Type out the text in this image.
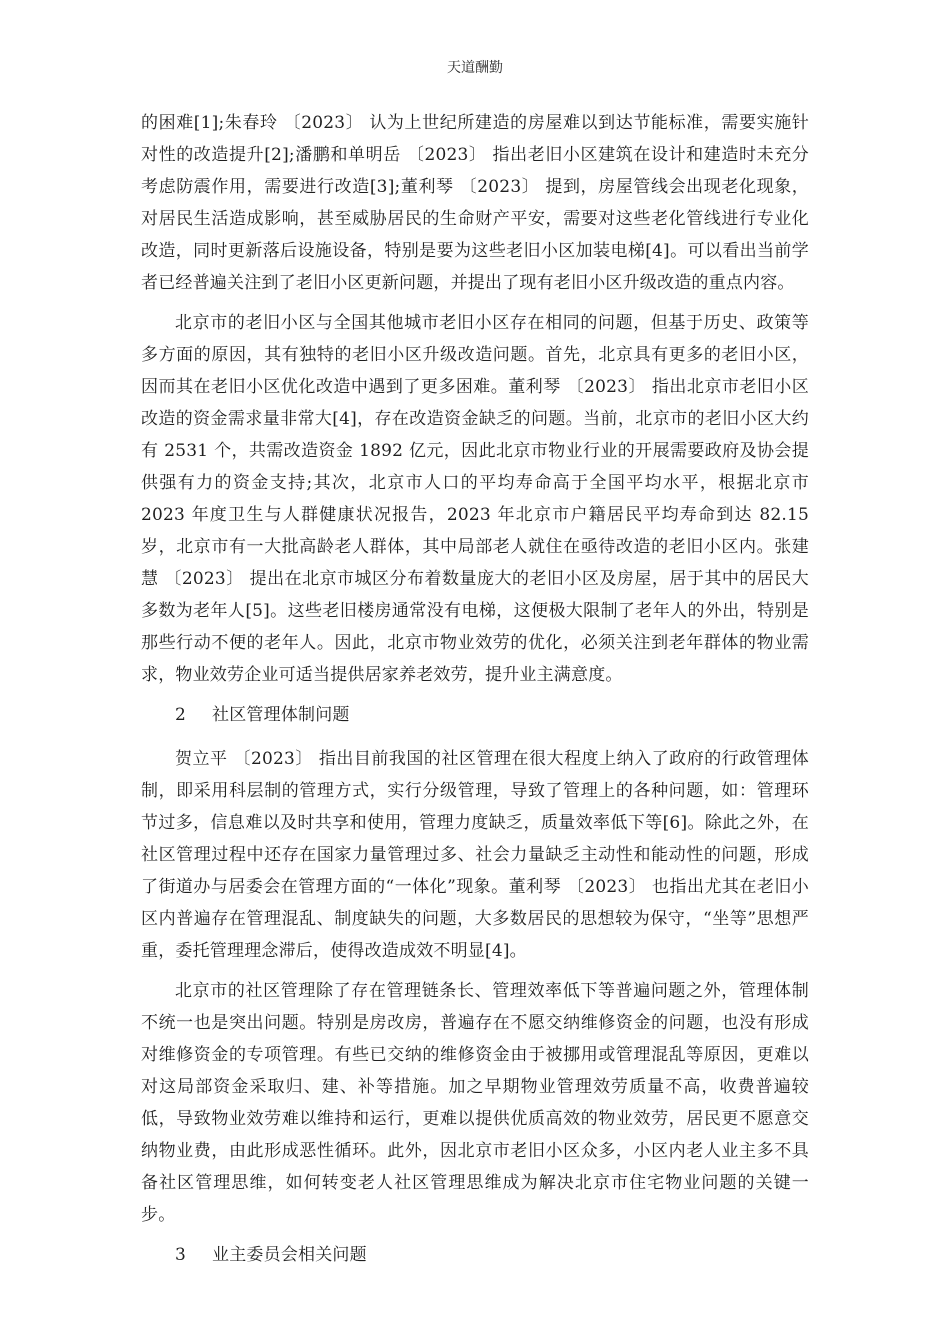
天道酬勤

的困难[1];朱春玲 〔2023〕 认为上世纪所建造的房屋难以到达节能标准，需要实施针对性的改造提升[2];潘鹏和单明岳 〔2023〕 指出老旧小区建筑在设计和建造时未充分考虑防震作用，需要进行改造[3];董利琴 〔2023〕 提到，房屋管线会出现老化现象，对居民生活造成影响，甚至威胁居民的生命财产平安，需要对这些老化管线进行专业化改造，同时更新落后设施设备，特别是要为这些老旧小区加装电梯[4]。可以看出当前学者已经普遍关注到了老旧小区更新问题，并提出了现有老旧小区升级改造的重点内容。

北京市的老旧小区与全国其他城市老旧小区存在相同的问题，但基于历史、政策等多方面的原因，其有独特的老旧小区升级改造问题。首先，北京具有更多的老旧小区，因而其在老旧小区优化改造中遇到了更多困难。董利琴 〔2023〕 指出北京市老旧小区改造的资金需求量非常大[4]，存在改造资金缺乏的问题。当前，北京市的老旧小区大约有 2531 个，共需改造资金 1892 亿元，因此北京市物业行业的开展需要政府及协会提供强有力的资金支持;其次，北京市人口的平均寿命高于全国平均水平，根据北京市 2023 年度卫生与人群健康状况报告，2023 年北京市户籍居民平均寿命到达 82.15 岁，北京市有一大批高龄老人群体，其中局部老人就住在亟待改造的老旧小区内。张建慧 〔2023〕 提出在北京市城区分布着数量庞大的老旧小区及房屋，居于其中的居民大多数为老年人[5]。这些老旧楼房通常没有电梯，这便极大限制了老年人的外出，特别是那些行动不便的老年人。因此，北京市物业效劳的优化，必须关注到老年群体的物业需求，物业效劳企业可适当提供居家养老效劳，提升业主满意度。

2 社区管理体制问题

贺立平 〔2023〕 指出目前我国的社区管理在很大程度上纳入了政府的行政管理体制，即采用科层制的管理方式，实行分级管理，导致了管理上的各种问题，如：管理环节过多，信息难以及时共享和使用，管理力度缺乏，质量效率低下等[6]。除此之外，在社区管理过程中还存在国家力量管理过多、社会力量缺乏主动性和能动性的问题，形成了街道办与居委会在管理方面的“一体化”现象。董利琴 〔2023〕 也指出尤其在老旧小区内普遍存在管理混乱、制度缺失的问题，大多数居民的思想较为保守，“坐等”思想严重，委托管理理念滞后，使得改造成效不明显[4]。

北京市的社区管理除了存在管理链条长、管理效率低下等普遍问题之外，管理体制不统一也是突出问题。特别是房改房，普遍存在不愿交纳维修资金的问题，也没有形成对维修资金的专项管理。有些已交纳的维修资金由于被挪用或管理混乱等原因，更难以对这局部资金采取归、建、补等措施。加之早期物业管理效劳质量不高，收费普遍较低，导致物业效劳难以维持和运行，更难以提供优质高效的物业效劳，居民更不愿意交纳物业费，由此形成恶性循环。此外，因北京市老旧小区众多，小区内老人业主多不具备社区管理思维，如何转变老人社区管理思维成为解决北京市住宅物业问题的关键一步。

3 业主委员会相关问题
